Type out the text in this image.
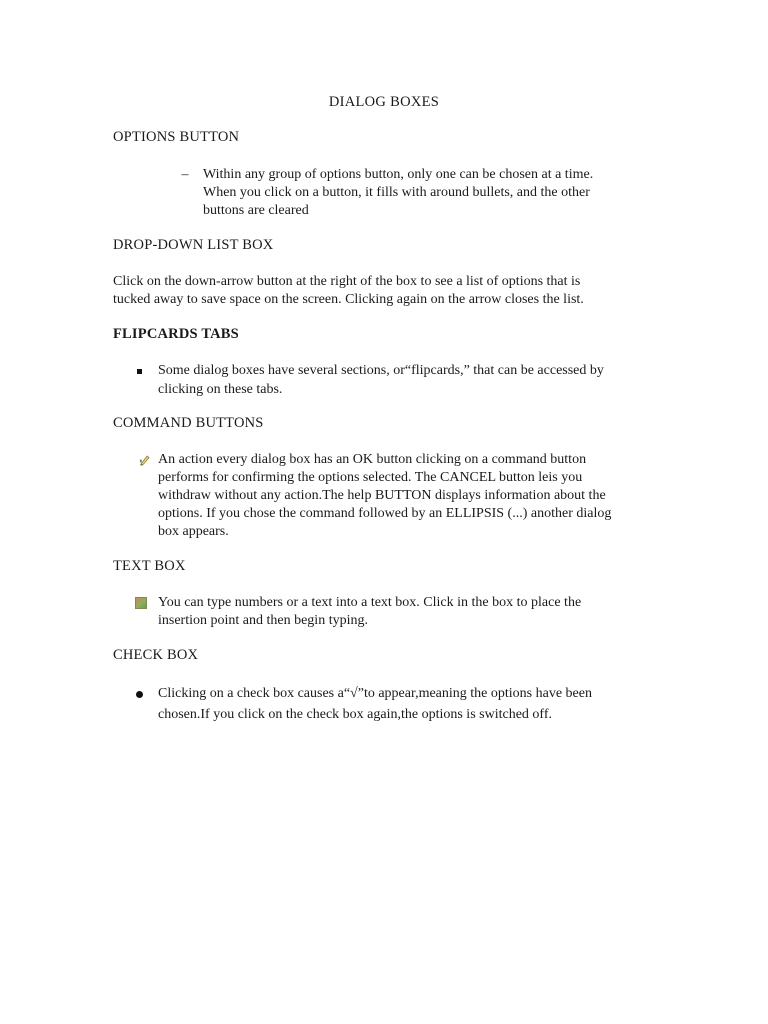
DIALOG BOXES
OPTIONS BUTTON
– Within any group of options button, only one can be chosen at a time.
When you click on a button, it fills with around bullets, and the other
buttons are cleared
DROP-DOWN LIST BOX
Click on the down-arrow button at the right of the box to see a list of options that is
tucked away to save space on the screen. Clicking again on the arrow closes the list.
FLIPCARDS TABS
Some dialog boxes have several sections, or“flipcards,” that can be accessed by
clicking on these tabs.
COMMAND BUTTONS
An action every dialog box has an OK button clicking on a command button
performs for confirming the options selected. The CANCEL button leis you
withdraw without any action.The help BUTTON displays information about the
options. If you chose the command followed by an ELLIPSIS (...) another dialog
box appears.
TEXT BOX
You can type numbers or a text into a text box. Click in the box to place the
insertion point and then begin typing.
CHECK BOX
Clicking on a check box causes a“√”to appear,meaning the options have been
chosen.If you click on the check box again,the options is switched off.
